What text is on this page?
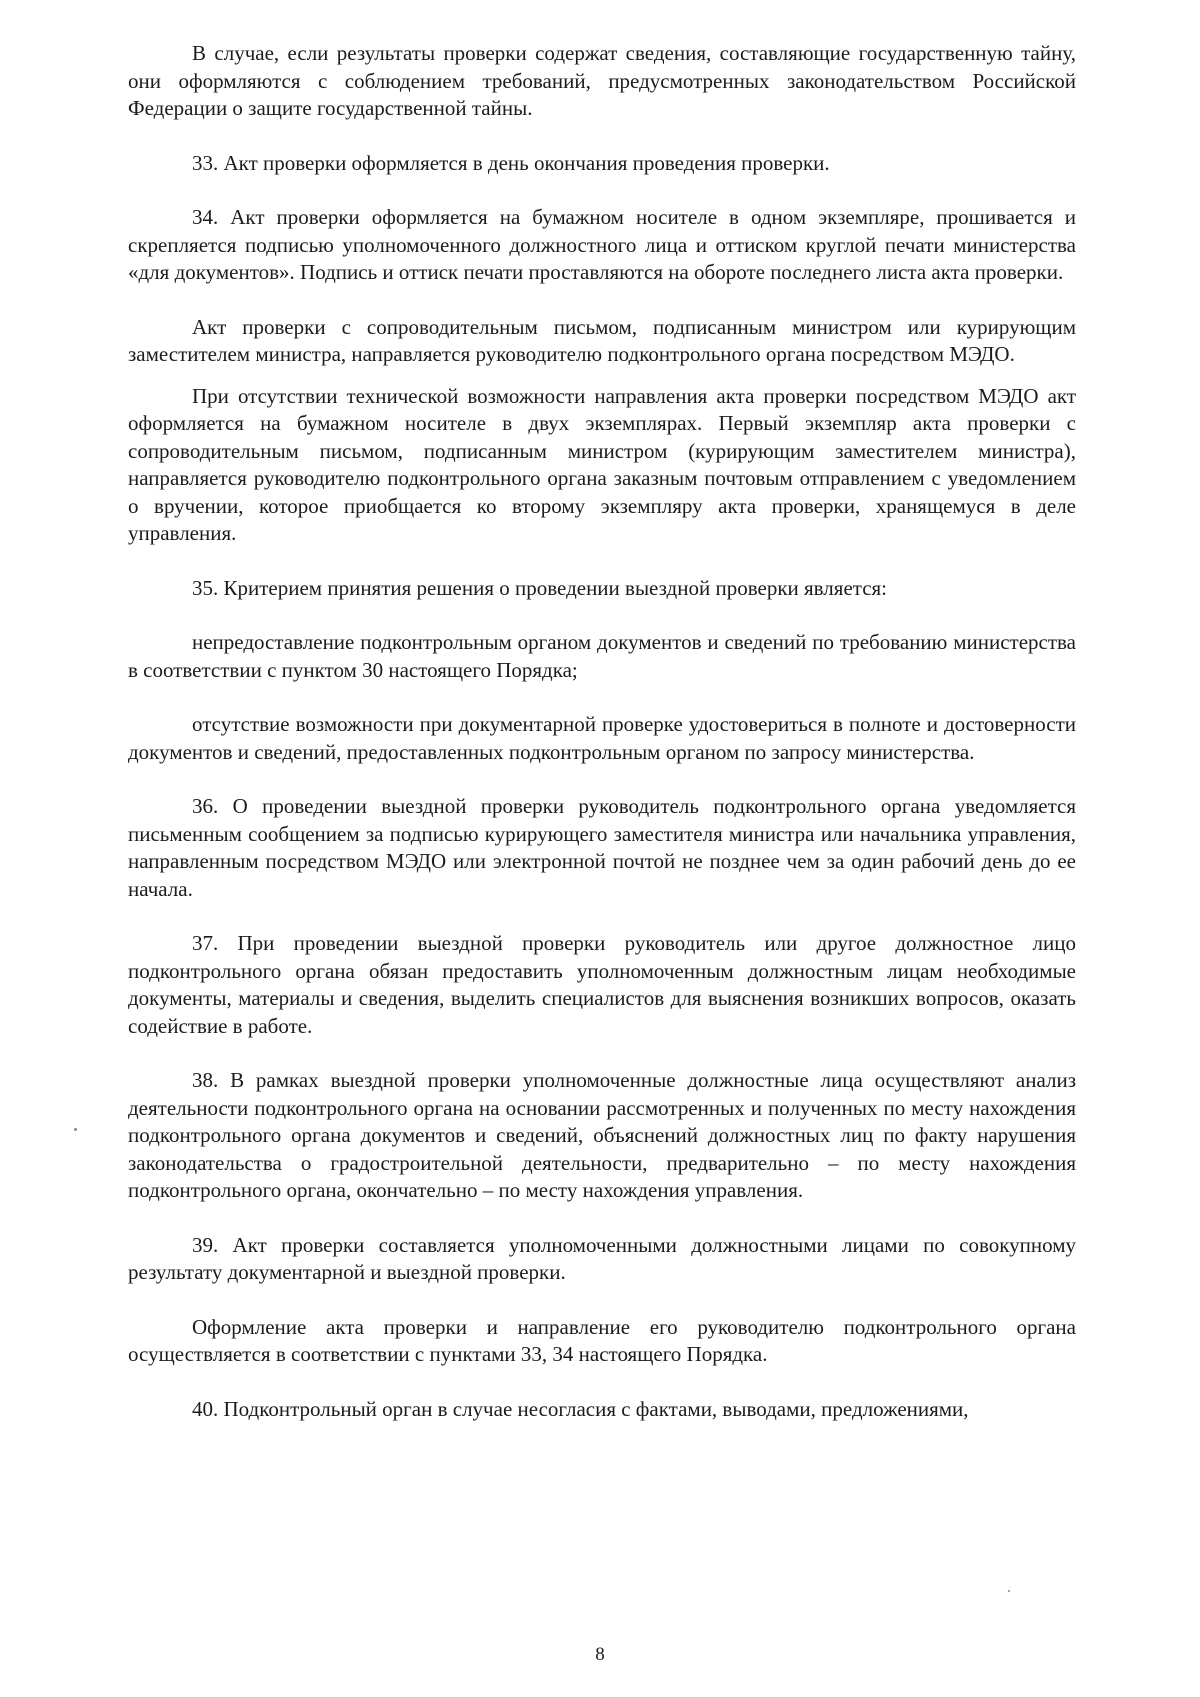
В случае, если результаты проверки содержат сведения, составляющие государственную тайну, они оформляются с соблюдением требований, предусмотренных законодательством Российской Федерации о защите государственной тайны.

33. Акт проверки оформляется в день окончания проведения проверки.

34. Акт проверки оформляется на бумажном носителе в одном экземпляре, прошивается и скрепляется подписью уполномоченного должностного лица и оттиском круглой печати министерства «для документов». Подпись и оттиск печати проставляются на обороте последнего листа акта проверки.

Акт проверки с сопроводительным письмом, подписанным министром или курирующим заместителем министра, направляется руководителю подконтрольного органа посредством МЭДО.

При отсутствии технической возможности направления акта проверки посредством МЭДО акт оформляется на бумажном носителе в двух экземплярах. Первый экземпляр акта проверки с сопроводительным письмом, подписанным министром (курирующим заместителем министра), направляется руководителю подконтрольного органа заказным почтовым отправлением с уведомлением о вручении, которое приобщается ко второму экземпляру акта проверки, хранящемуся в деле управления.

35. Критерием принятия решения о проведении выездной проверки является:

непредоставление подконтрольным органом документов и сведений по требованию министерства в соответствии с пунктом 30 настоящего Порядка;

отсутствие возможности при документарной проверке удостовериться в полноте и достоверности документов и сведений, предоставленных подконтрольным органом по запросу министерства.

36. О проведении выездной проверки руководитель подконтрольного органа уведомляется письменным сообщением за подписью курирующего заместителя министра или начальника управления, направленным посредством МЭДО или электронной почтой не позднее чем за один рабочий день до ее начала.

37. При проведении выездной проверки руководитель или другое должностное лицо подконтрольного органа обязан предоставить уполномоченным должностным лицам необходимые документы, материалы и сведения, выделить специалистов для выяснения возникших вопросов, оказать содействие в работе.

38. В рамках выездной проверки уполномоченные должностные лица осуществляют анализ деятельности подконтрольного органа на основании рассмотренных и полученных по месту нахождения подконтрольного органа документов и сведений, объяснений должностных лиц по факту нарушения законодательства о градостроительной деятельности, предварительно – по месту нахождения подконтрольного органа, окончательно – по месту нахождения управления.

39. Акт проверки составляется уполномоченными должностными лицами по совокупному результату документарной и выездной проверки.

Оформление акта проверки и направление его руководителю подконтрольного органа осуществляется в соответствии с пунктами 33, 34 настоящего Порядка.

40. Подконтрольный орган в случае несогласия с фактами, выводами, предложениями,

8
